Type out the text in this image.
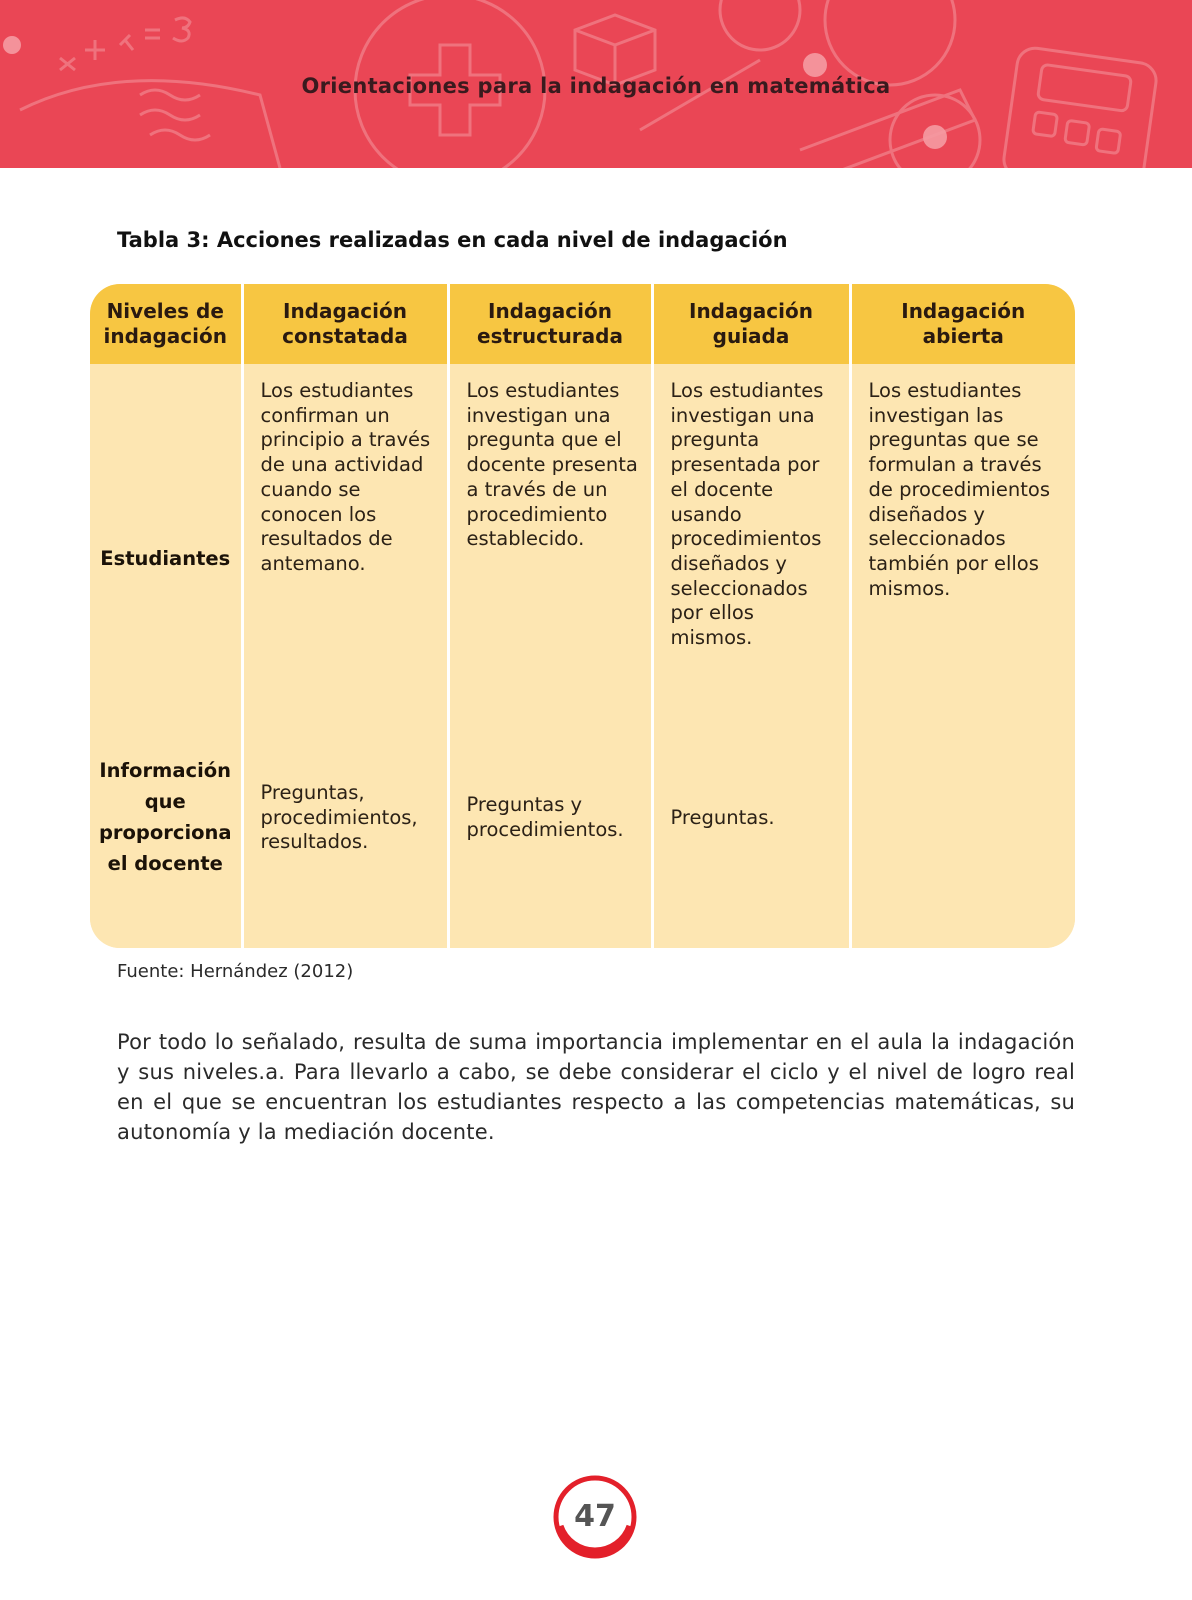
Orientaciones para la indagación en matemática
Tabla 3: Acciones realizadas en cada nivel de indagación
Niveles de indagación	Indagación constatada	Indagación estructurada	Indagación guiada	Indagación abierta
Estudiantes	Los estudiantes confirman un principio a través de una actividad cuando se conocen los resultados de antemano.	Los estudiantes investigan una pregunta que el docente presenta a través de un procedimiento establecido.	Los estudiantes investigan una pregunta presentada por el docente usando procedimientos diseñados y seleccionados por ellos mismos.	Los estudiantes investigan las preguntas que se formulan a través de procedimientos diseñados y seleccionados también por ellos mismos.
Información que proporciona el docente	Preguntas, procedimientos, resultados.	Preguntas y procedimientos.	Preguntas.	
Fuente: Hernández (2012)
Por todo lo señalado, resulta de suma importancia implementar en el aula la indagación y sus niveles.a. Para llevarlo a cabo, se debe considerar el ciclo y el nivel de logro real en el que se encuentran los estudiantes respecto a las competencias matemáticas, su autonomía y la mediación docente.
47
